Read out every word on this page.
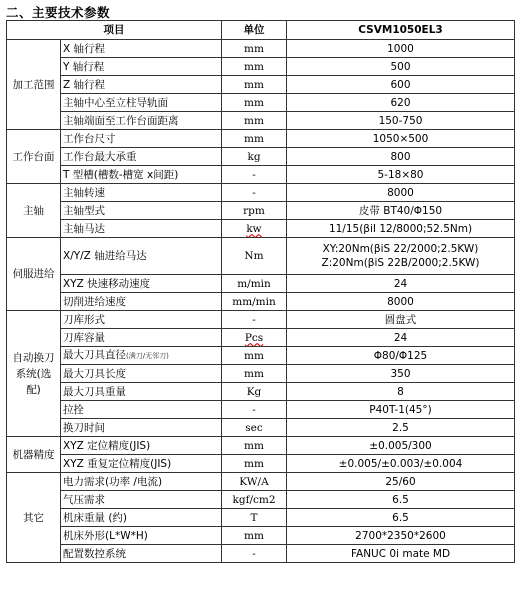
二、主要技术参数
项目		单位	CSVM1050EL3
加工范围	X 轴行程	mm	1000
	Y 轴行程	mm	500
	Z 轴行程	mm	600
	主轴中心至立柱导轨面	mm	620
	主轴端面至工作台面距离	mm	150-750
工作台面	工作台尺寸	mm	1050×500
	工作台最大承重	kg	800
	T 型槽(槽数-槽宽 x间距)	-	5-18×80
主轴	主轴转速	-	8000
	主轴型式	rpm	皮带 BT40/Φ150
	主轴马达	kw	11/15(βiI 12/8000;52.5Nm)
伺服进给	X/Y/Z 轴进给马达	Nm	XY:20Nm(βiS 22/2000;2.5KW)
Z:20Nm(βiS 22B/2000;2.5KW)

	XYZ 快速移动速度	m/min	24
	切削进给速度	mm/min	8000
自动换刀系统(选配)	刀库形式	-	圆盘式
	刀库容量	Pcs	24
	最大刀具直径(满刀/无邻刀)	mm	Φ80/Φ125
	最大刀具长度	mm	350
	最大刀具重量	Kg	8
	拉拴	-	P40T-1(45°)
	换刀时间	sec	2.5
机器精度	XYZ 定位精度(JIS)	mm	±0.005/300
	XYZ 重复定位精度(JIS)	mm	±0.005/±0.003/±0.004
其它	电力需求(功率 /电流)	KW/A	25/60
	气压需求	kgf/cm2	6.5
	机床重量 (约)	T	6.5
	机床外形(L*W*H)	mm	2700*2350*2600
	配置数控系统	-	FANUC 0i mate MD
